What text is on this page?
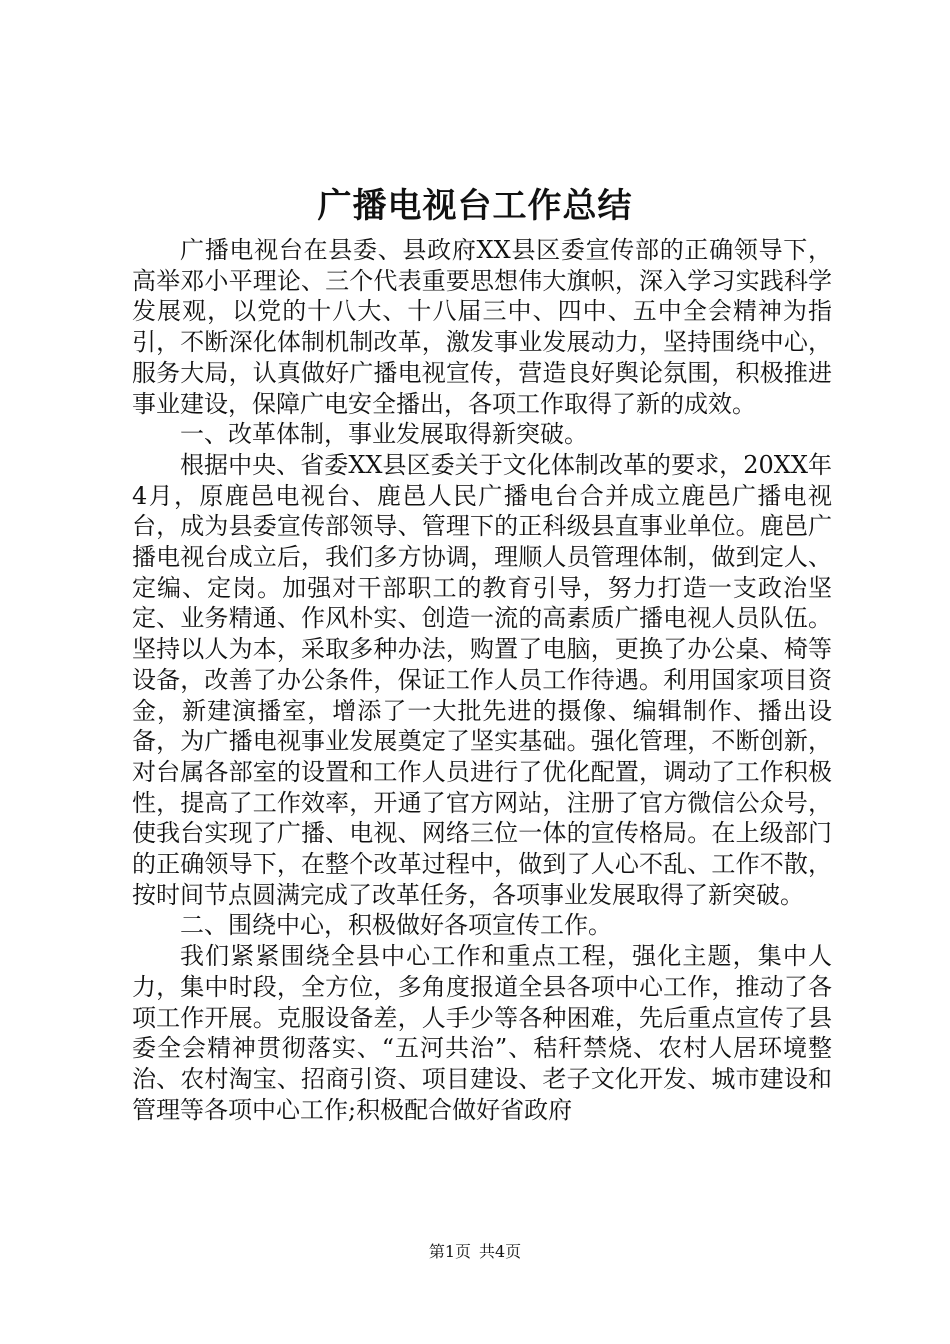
广播电视台工作总结

广播电视台在县委、县政府XX县区委宣传部的正确领导下，高举邓小平理论、三个代表重要思想伟大旗帜，深入学习实践科学发展观，以党的十八大、十八届三中、四中、五中全会精神为指引，不断深化体制机制改革，激发事业发展动力，坚持围绕中心，服务大局，认真做好广播电视宣传，营造良好舆论氛围，积极推进事业建设，保障广电安全播出，各项工作取得了新的成效。

一、改革体制，事业发展取得新突破。

根据中央、省委XX县区委关于文化体制改革的要求，20XX年4月，原鹿邑电视台、鹿邑人民广播电台合并成立鹿邑广播电视台，成为县委宣传部领导、管理下的正科级县直事业单位。鹿邑广播电视台成立后，我们多方协调，理顺人员管理体制，做到定人、定编、定岗。加强对干部职工的教育引导，努力打造一支政治坚定、业务精通、作风朴实、创造一流的高素质广播电视人员队伍。坚持以人为本，采取多种办法，购置了电脑，更换了办公桌、椅等设备，改善了办公条件，保证工作人员工作待遇。利用国家项目资金，新建演播室，增添了一大批先进的摄像、编辑制作、播出设备，为广播电视事业发展奠定了坚实基础。强化管理，不断创新，对台属各部室的设置和工作人员进行了优化配置，调动了工作积极性，提高了工作效率，开通了官方网站，注册了官方微信公众号，使我台实现了广播、电视、网络三位一体的宣传格局。在上级部门的正确领导下，在整个改革过程中，做到了人心不乱、工作不散，按时间节点圆满完成了改革任务，各项事业发展取得了新突破。

二、围绕中心，积极做好各项宣传工作。

我们紧紧围绕全县中心工作和重点工程，强化主题，集中人力，集中时段，全方位，多角度报道全县各项中心工作，推动了各项工作开展。克服设备差，人手少等各种困难，先后重点宣传了县委全会精神贯彻落实、“五河共治”、秸秆禁烧、农村人居环境整治、农村淘宝、招商引资、项目建设、老子文化开发、城市建设和管理等各项中心工作;积极配合做好省政府

第1页 共4页
